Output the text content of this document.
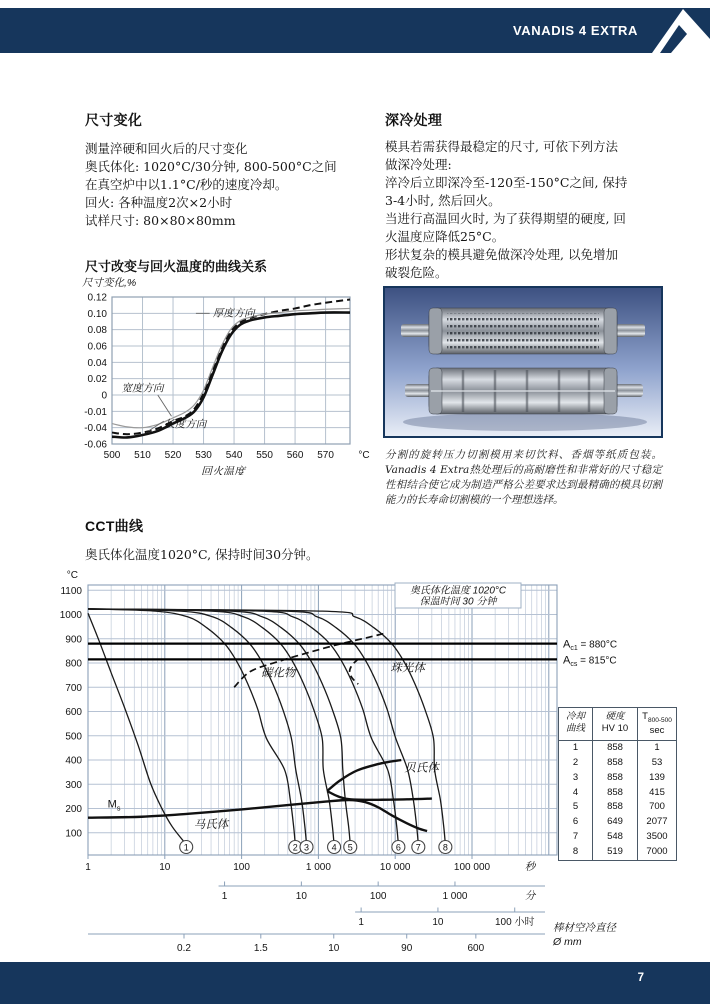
VANADIS 4 EXTRA
尺寸变化
测量淬硬和回火后的尺寸变化
奥氏体化: 1020°C/30分钟, 800-500°C之间
在真空炉中以1.1°C/秒的速度冷却。
回火: 各种温度2次×2小时
试样尺寸: 80×80×80mm
尺寸改变与回火温度的曲线关系
0.12
0.10
0.08
0.06
0.04
0.02
0
-0.01
-0.04
-0.06
500 510 520 530 540 550 560 570 °C
尺寸变化,%
回火温度
厚度方向
宽度方向
长度方向
深冷处理
模具若需获得最稳定的尺寸, 可依下列方法
做深冷处理:
淬冷后立即深冷至-120至-150°C之间, 保持
3-4小时, 然后回火。
当进行高温回火时, 为了获得期望的硬度, 回
火温度应降低25°C。
形状复杂的模具避免做深冷处理, 以免增加
破裂危险。
分割的旋转压力切割模用来切饮料、香烟等纸质包装。Vanadis 4 Extra热处理后的高耐磨性和非常好的尺寸稳定性相结合使它成为制造严格公差要求达到最精确的模具切割能力的长寿命切割模的一个理想选择。
CCT曲线
奥氏体化温度1020°C, 保持时间30分钟。
100
200
300
400
500
600
700
800
900
1000
1100
°C
1	10	100	1 000	10 000	100 000	秒
$A_{c1} = 880^\circ C$
$A_{cs} = 815^\circ C$
$M_s$
碳化物	珠光体
贝氏体
马氏体
1	2 3	4 5	6 7 8
奥氏体化温度 1020°C
保温时间 30 分钟
1	10	100	1 000	分
1	10	100 小时
0.2	1.5	10	90	600
棒材空冷直径
Ø mm
冷却
曲线
硬度
HV 10
$T_{800-500}$
sec
1	858	1
2	858	53
3	858	139
4	858	415
5	858	700
6	649	2077
7	548	3500
8	519	7000
7
